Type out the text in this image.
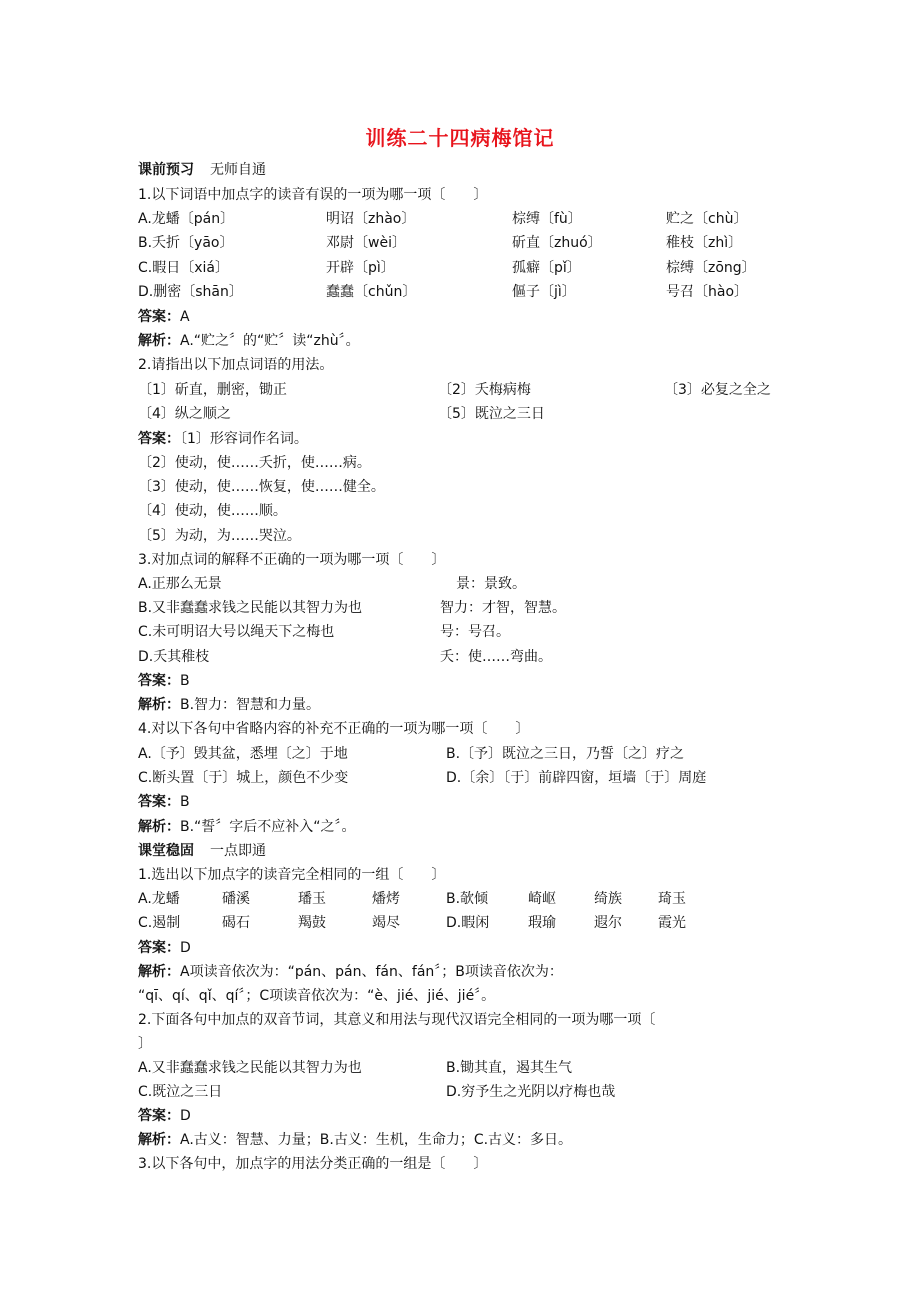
训练二十四病梅馆记
课前预习 无师自通
1.以下词语中加点字的读音有误的一项为哪一项〔　　〕
A.龙蟠〔pán〕	明诏〔zhào〕	棕缚〔fù〕	贮之〔chù〕
B.夭折〔yāo〕	邓尉〔wèi〕	斫直〔zhuó〕	稚枝〔zhì〕
C.暇日〔xiá〕	开辟〔pì〕	孤癖〔pǐ〕	棕缚〔zōng〕
D.删密〔shān〕	蠢蠢〔chǔn〕	傴子〔jì〕	号召〔hào〕
答案：A
解析：A.“贮之〞的“贮〞读“zhù〞。
2.请指出以下加点词语的用法。
〔1〕斫直，删密，锄正	〔2〕夭梅病梅	〔3〕必复之全之
〔4〕纵之顺之	〔5〕既泣之三日
答案：〔1〕形容词作名词。
〔2〕使动，使……夭折，使……病。
〔3〕使动，使……恢复，使……健全。
〔4〕使动，使……顺。
〔5〕为动，为……哭泣。
3.对加点词的解释不正确的一项为哪一项〔　　〕
A.正那么无景	景：景致。
B.又非蠢蠢求钱之民能以其智力为也	智力：才智，智慧。
C.未可明诏大号以绳天下之梅也	号：号召。
D.夭其稚枝	夭：使……弯曲。
答案：B
解析：B.智力：智慧和力量。
4.对以下各句中省略内容的补充不正确的一项为哪一项〔　　〕
A.〔予〕毁其盆，悉埋〔之〕于地	B.〔予〕既泣之三日，乃誓〔之〕疗之
C.断头置〔于〕城上，颜色不少变	D.〔余〕〔于〕前辟四窗，垣墙〔于〕周庭
答案：B
解析：B.“誓〞字后不应补入“之〞。
课堂稳固 一点即通
1.选出以下加点字的读音完全相同的一组〔　　〕
A.龙蟠	磻溪	璠玉	燔烤	B.欹倾	崎岖	绮族	琦玉
C.遏制	碣石	羯鼓	竭尽	D.暇闲	瑕瑜	遐尔	霞光
答案：D
解析：A项读音依次为：“pán、pán、fán、fán〞；B项读音依次为：
“qī、qí、qǐ、qí〞；C项读音依次为：“è、jié、jié、jié〞。
2.下面各句中加点的双音节词，其意义和用法与现代汉语完全相同的一项为哪一项〔
〕
A.又非蠢蠢求钱之民能以其智力为也	B.锄其直，遏其生气
C.既泣之三日	D.穷予生之光阴以疗梅也哉
答案：D
解析：A.古义：智慧、力量；B.古义：生机，生命力；C.古义：多日。
3.以下各句中，加点字的用法分类正确的一组是〔　　〕
